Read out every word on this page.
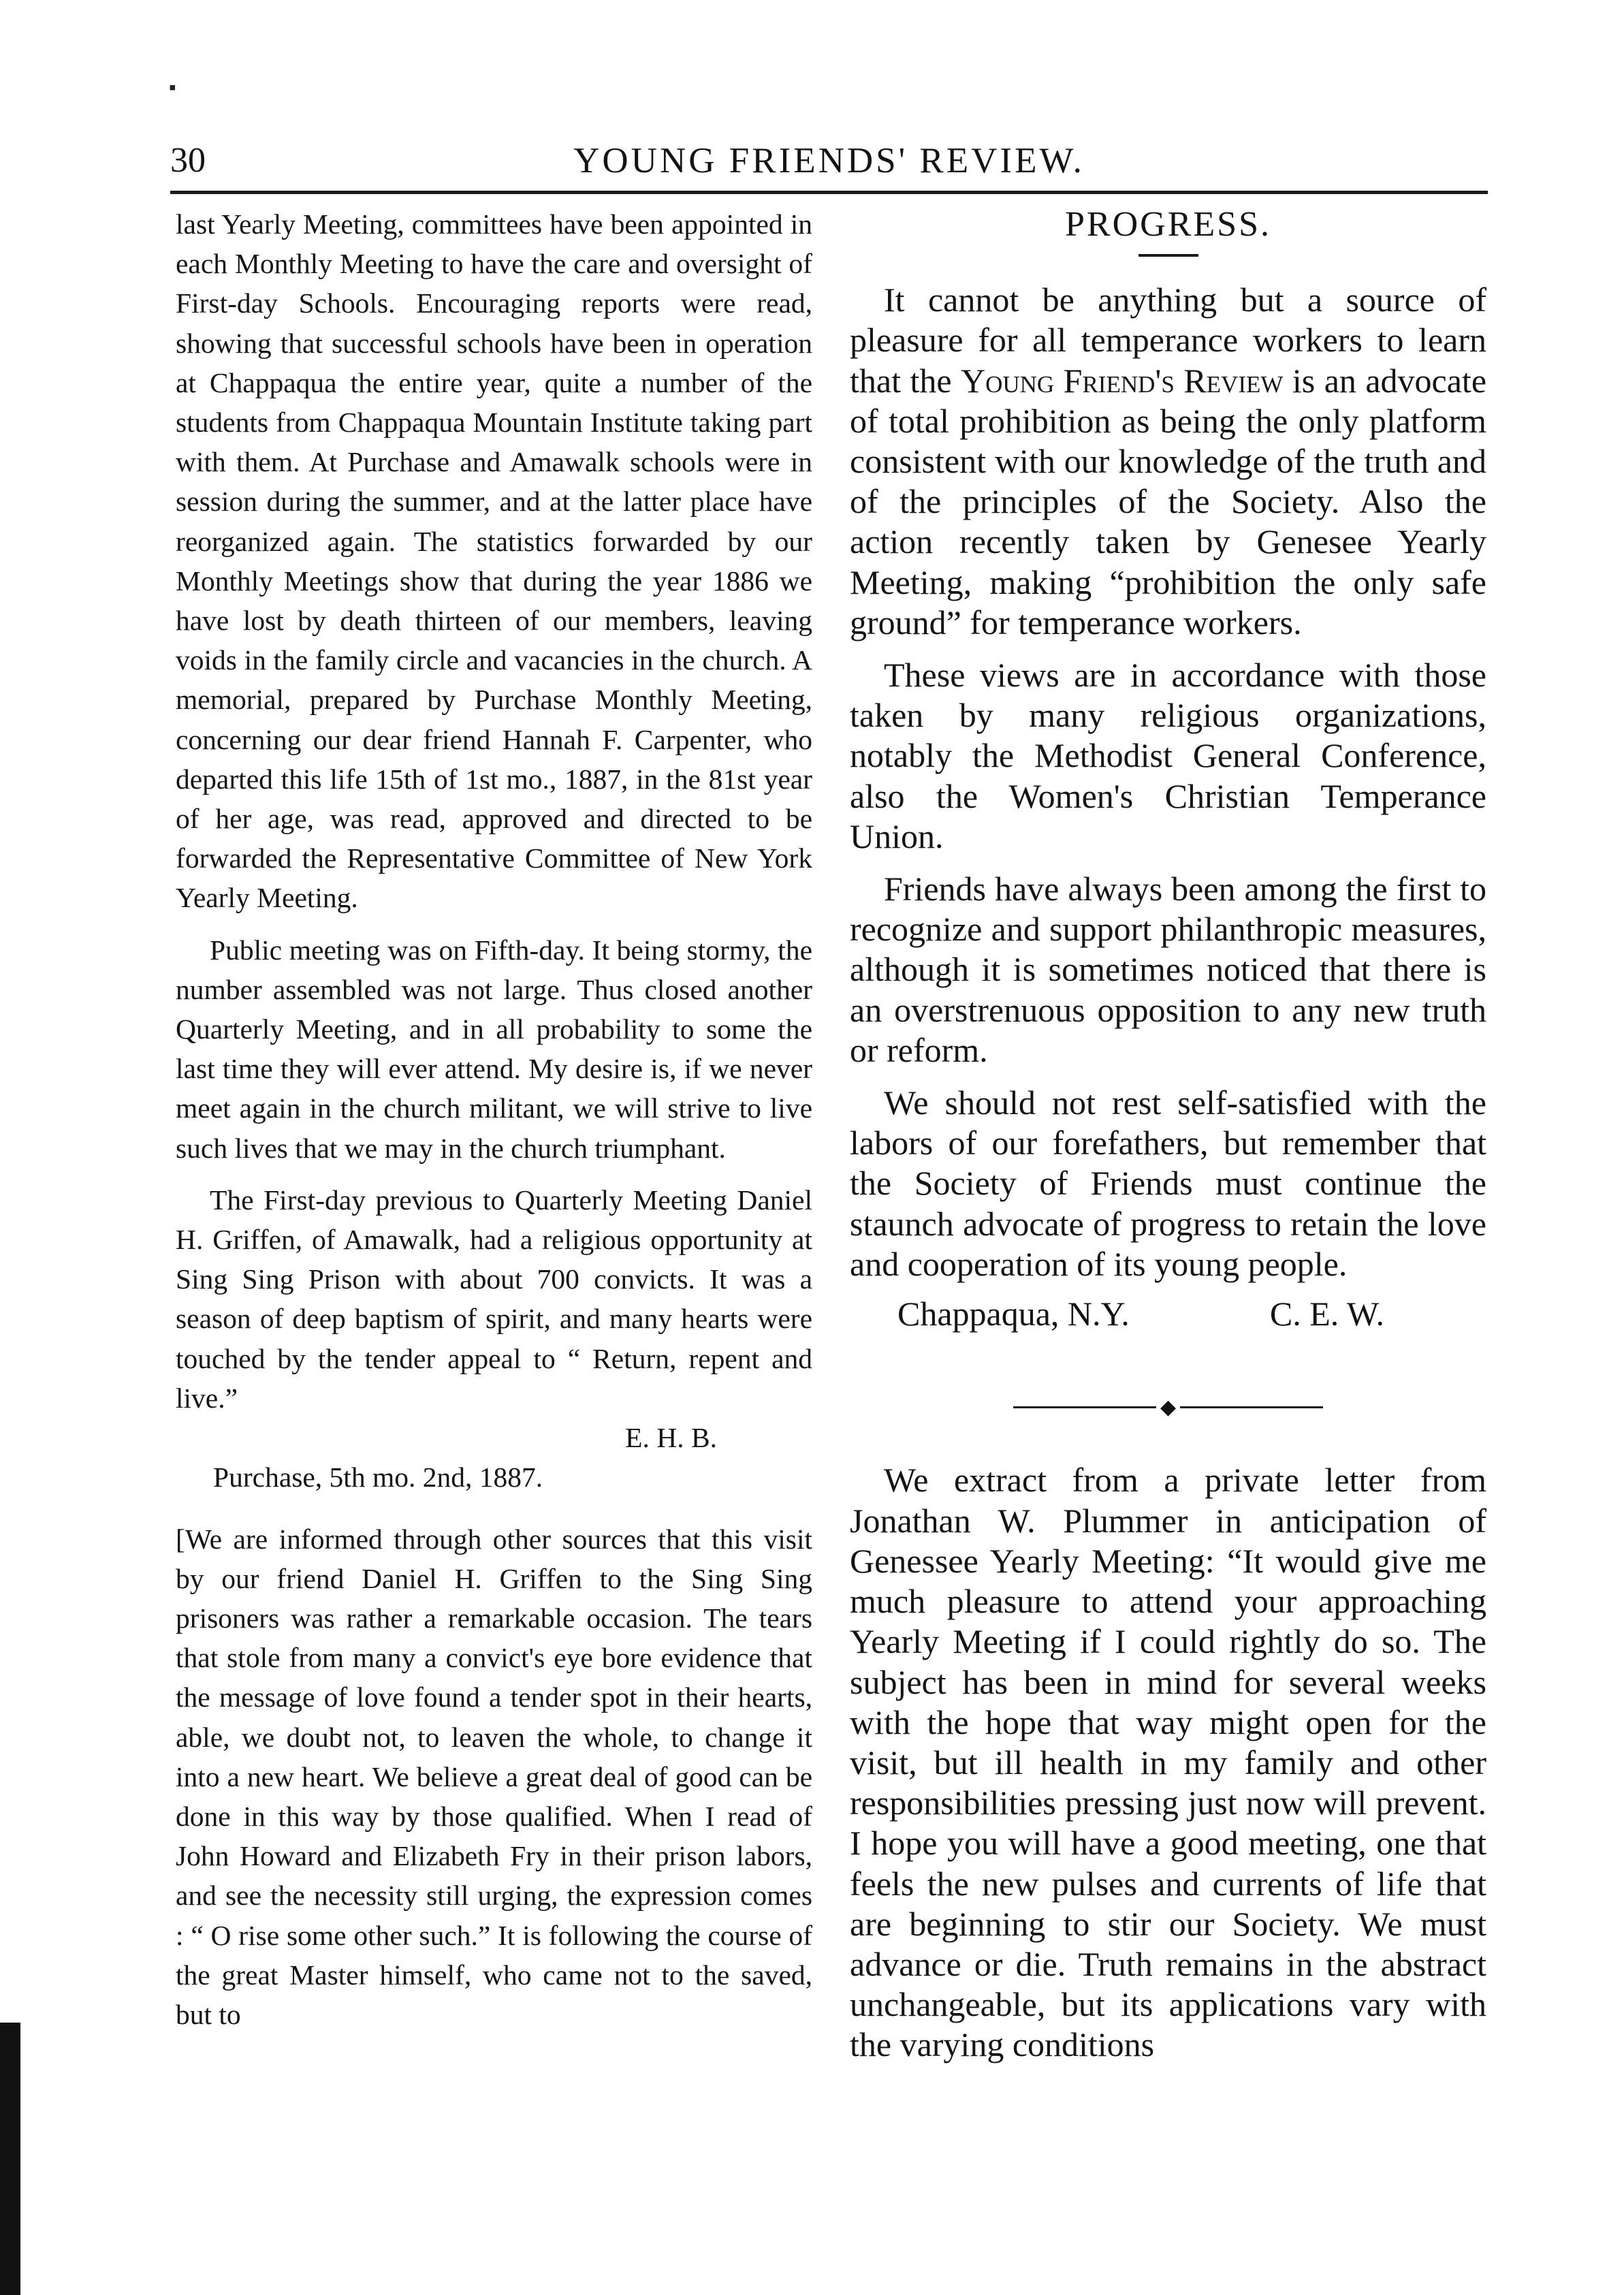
▪
30	YOUNG FRIENDS' REVIEW.

last Yearly Meeting, committees have been appointed in each Monthly Meeting to have the care and oversight of First-day Schools. Encouraging reports were read, showing that successful schools have been in operation at Chappaqua the entire year, quite a number of the students from Chappaqua Mountain Institute taking part with them. At Purchase and Amawalk schools were in session during the summer, and at the latter place have reorganized again. The statistics forwarded by our Monthly Meetings show that during the year 1886 we have lost by death thirteen of our members, leaving voids in the family circle and vacancies in the church. A memorial, prepared by Purchase Monthly Meeting, concerning our dear friend Hannah F. Carpenter, who departed this life 15th of 1st mo., 1887, in the 81st year of her age, was read, approved and directed to be forwarded the Representative Committee of New York Yearly Meeting.

Public meeting was on Fifth-day. It being stormy, the number assembled was not large. Thus closed another Quarterly Meeting, and in all probability to some the last time they will ever attend. My desire is, if we never meet again in the church militant, we will strive to live such lives that we may in the church triumphant.

The First-day previous to Quarterly Meeting Daniel H. Griffen, of Amawalk, had a religious opportunity at Sing Sing Prison with about 700 convicts. It was a season of deep baptism of spirit, and many hearts were touched by the tender appeal to “ Return, repent and live.”

E. H. B.

Purchase, 5th mo. 2nd, 1887.

[We are informed through other sources that this visit by our friend Daniel H. Griffen to the Sing Sing prisoners was rather a remarkable occasion. The tears that stole from many a convict's eye bore evidence that the message of love found a tender spot in their hearts, able, we doubt not, to leaven the whole, to change it into a new heart. We believe a great deal of good can be done in this way by those qualified. When I read of John Howard and Elizabeth Fry in their prison labors, and see the necessity still urging, the expression comes : “ O rise some other such.” It is following the course of the great Master himself, who came not to the saved, but to

PROGRESS.

It cannot be anything but a source of pleasure for all temperance workers to learn that the Young Friend's Review is an advocate of total prohibition as being the only platform consistent with our knowledge of the truth and of the principles of the Society. Also the action recently taken by Genesee Yearly Meeting, making “prohibition the only safe ground” for temperance workers.

These views are in accordance with those taken by many religious organizations, notably the Methodist General Conference, also the Women's Christian Temperance Union.

Friends have always been among the first to recognize and support philanthropic measures, although it is sometimes noticed that there is an overstrenuous opposition to any new truth or reform.

We should not rest self-satisfied with the labors of our forefathers, but remember that the Society of Friends must continue the staunch advocate of progress to retain the love and cooperation of its young people.

Chappaqua, N.Y.	C. E. W.
◆

We extract from a private letter from Jonathan W. Plummer in anticipation of Genessee Yearly Meeting: “It would give me much pleasure to attend your approaching Yearly Meeting if I could rightly do so. The subject has been in mind for several weeks with the hope that way might open for the visit, but ill health in my family and other responsibilities pressing just now will prevent. I hope you will have a good meeting, one that feels the new pulses and currents of life that are beginning to stir our Society. We must advance or die. Truth remains in the abstract unchangeable, but its applications vary with the varying conditions
